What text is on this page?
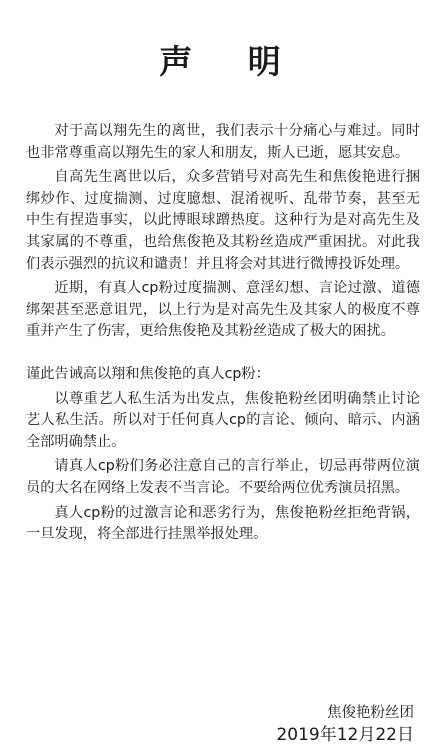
声 明

对于高以翔先生的离世，我们表示十分痛心与难过。同时也非常尊重高以翔先生的家人和朋友，斯人已逝，愿其安息。

自高先生离世以后，众多营销号对高先生和焦俊艳进行捆绑炒作、过度揣测、过度臆想、混淆视听、乱带节奏，甚至无中生有捏造事实，以此博眼球蹭热度。这种行为是对高先生及其家属的不尊重，也给焦俊艳及其粉丝造成严重困扰。对此我们表示强烈的抗议和谴责！并且将会对其进行微博投诉处理。

近期，有真人cp粉过度揣测、意淫幻想、言论过激、道德绑架甚至恶意诅咒，以上行为是对高先生及其家人的极度不尊重并产生了伤害，更给焦俊艳及其粉丝造成了极大的困扰。

谨此告诫高以翔和焦俊艳的真人cp粉：

以尊重艺人私生活为出发点，焦俊艳粉丝团明确禁止讨论艺人私生活。所以对于任何真人cp的言论、倾向、暗示、内涵全部明确禁止。

请真人cp粉们务必注意自己的言行举止，切忌再带两位演员的大名在网络上发表不当言论。不要给两位优秀演员招黑。

真人cp粉的过激言论和恶劣行为，焦俊艳粉丝拒绝背锅，一旦发现，将全部进行挂黑举报处理。

焦俊艳粉丝团
2019年12月22日
